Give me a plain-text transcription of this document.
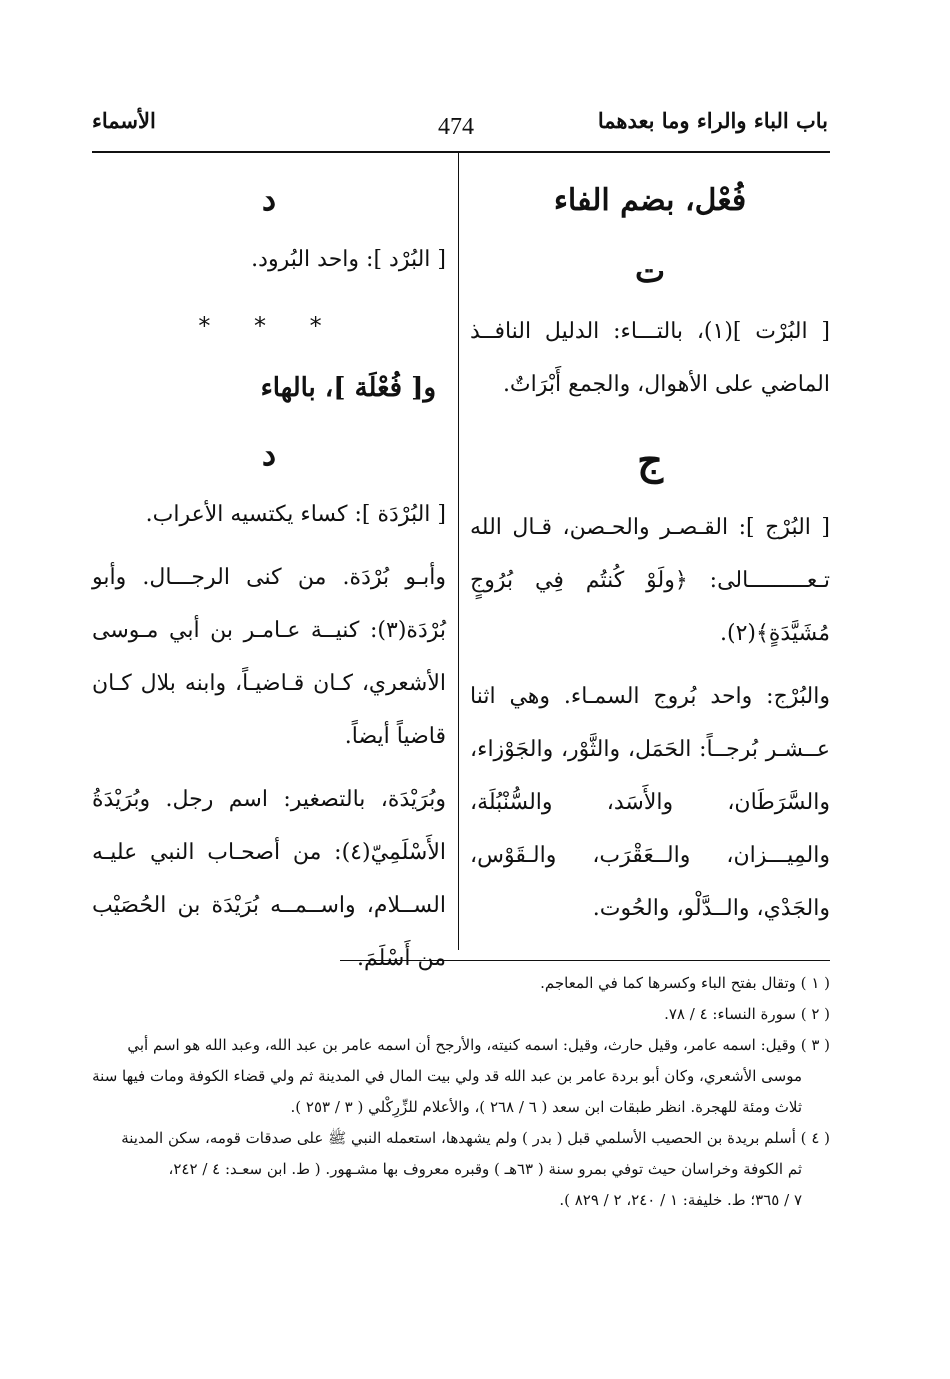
باب الباء والراء وما بعدهما
474
الأسماء
فُعْل، بضم الفاء
ت

[ البُرْت ](١)، بالتـــاء: الدليل النافــذ الماضي على الأهوال، والجمع أَبْرَاتٌ.

ج

[ البُرْج ]: القـصـر والحـصن، قـال الله تـعـــــــــالى: ﴿ولَوْ كُنتُم فِي بُرُوجٍ مُشَيَّدَةٍ﴾(٢).

والبُرْج: واحد بُروج السمـاء. وهي اثنا عــشـر بُرجــاً: الحَمَل، والثَّوْر، والجَوْزاء، والسَّرَطَان، والأَسَد، والسُّنْبُلَة، والمِيـــزان، والــعَقْرَب، والـقَوْس، والجَدْي، والــدَّلْو، والحُوت.

د

[ البُرْد ]: واحد البُرود.

* * *
و[ فُعْلَة ]، بالهاء
د

[ البُرْدَة ]: كساء يكتسيه الأعراب.

وأبـو بُرْدَة. من كنى الرجـــال. وأبو بُرْدَة(٣): كنيــة عـامـر بن أبي مـوسى الأشعري، كـان قـاضيـاً، وابنه بلال كـان قاضياً أيضاً.

وبُرَيْدَة، بالتصغير: اسم رجل. وبُرَيْدَةُ الأَسْلَمِيّ(٤): من أصحـاب النبي عليـه الســلام، واســمــه بُرَيْدَة بن الحُصَيْب من أَسْلَمَ.

( ١ ) وتقال بفتح الباء وكسرها كما في المعاجم.

( ٢ ) سورة النساء: ٤ / ٧٨.

( ٣ ) وقيل: اسمه عامر، وقيل حارث، وقيل: اسمه كنيته، والأرجح أن اسمه عامر بن عبد الله، وعبد الله هو اسم أبي
موسى الأشعري، وكان أبو بردة عامر بن عبد الله قد ولي بيت المال في المدينة ثم ولي قضاء الكوفة ومات فيها سنة
ثلاث ومئة للهجرة. انظر طبقات ابن سعد ( ٦ / ٢٦٨ )، والأعلام للزِّرِكْلي ( ٣ / ٢٥٣ ).

( ٤ ) أسلم بريدة بن الحصيب الأسلمي قبل ( بدر ) ولم يشهدها، استعمله النبي ﷺ على صدقات قومه، سكن المدينة
ثم الكوفة وخراسان حيث توفي بمرو سنة ( ٦٣هـ ) وقبره معروف بها مشـهور. ( ط. ابن سعـد: ٤ / ٢٤٢،
٧ / ٣٦٥؛ ط. خليفة: ١ / ٢٤٠، ٢ / ٨٢٩ ).
